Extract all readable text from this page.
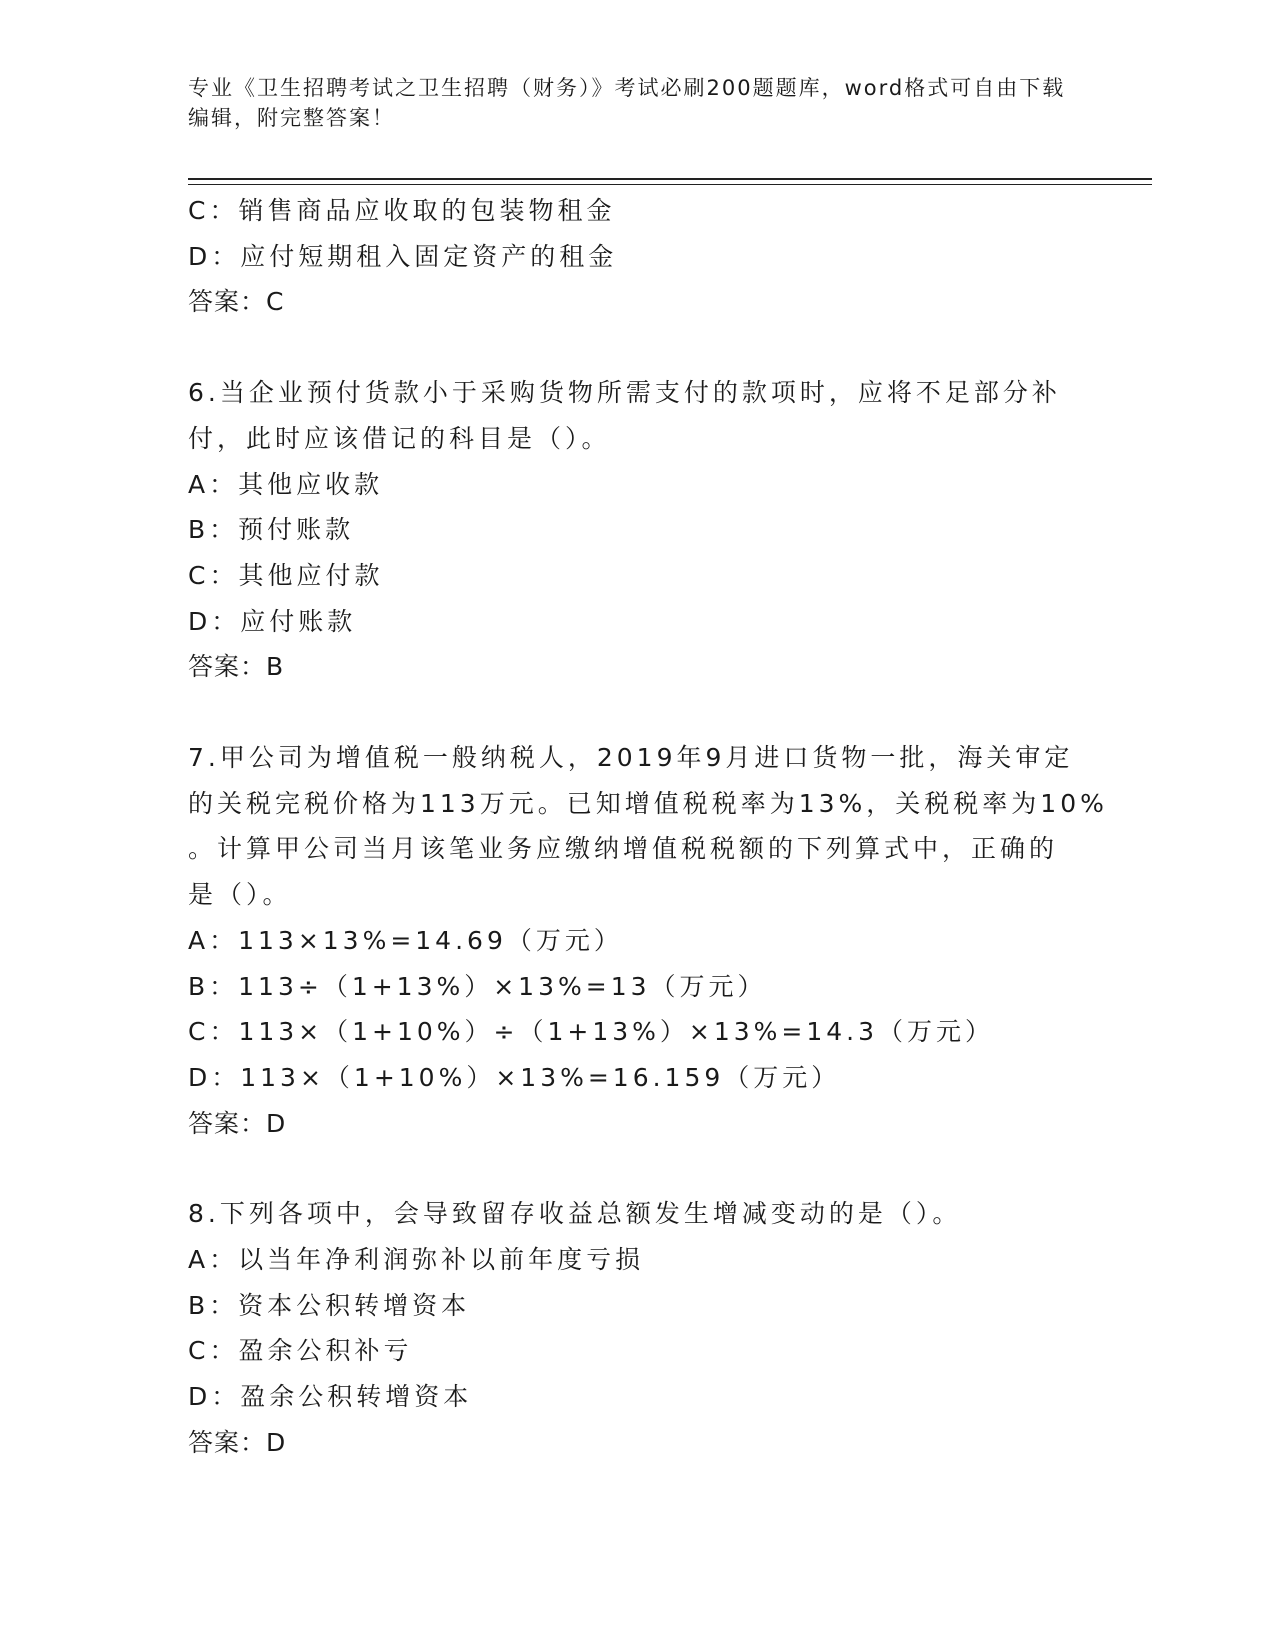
专业《卫生招聘考试之卫生招聘（财务）》考试必刷200题题库，word格式可自由下载编辑，附完整答案！
C：销售商品应收取的包装物租金
D：应付短期租入固定资产的租金
答案：C
6.当企业预付货款小于采购货物所需支付的款项时，应将不足部分补
付，此时应该借记的科目是（）。
A：其他应收款
B：预付账款
C：其他应付款
D：应付账款
答案：B
7.甲公司为增值税一般纳税人，2019年9月进口货物一批，海关审定
的关税完税价格为113万元。已知增值税税率为13%，关税税率为10%
。计算甲公司当月该笔业务应缴纳增值税税额的下列算式中，正确的
是（）。
A：113×13%=14.69（万元）
B：113÷（1+13%）×13%=13（万元）
C：113×（1+10%）÷（1+13%）×13%=14.3（万元）
D：113×（1+10%）×13%=16.159（万元）
答案：D
8.下列各项中，会导致留存收益总额发生增减变动的是（）。
A：以当年净利润弥补以前年度亏损
B：资本公积转增资本
C：盈余公积补亏
D：盈余公积转增资本
答案：D
